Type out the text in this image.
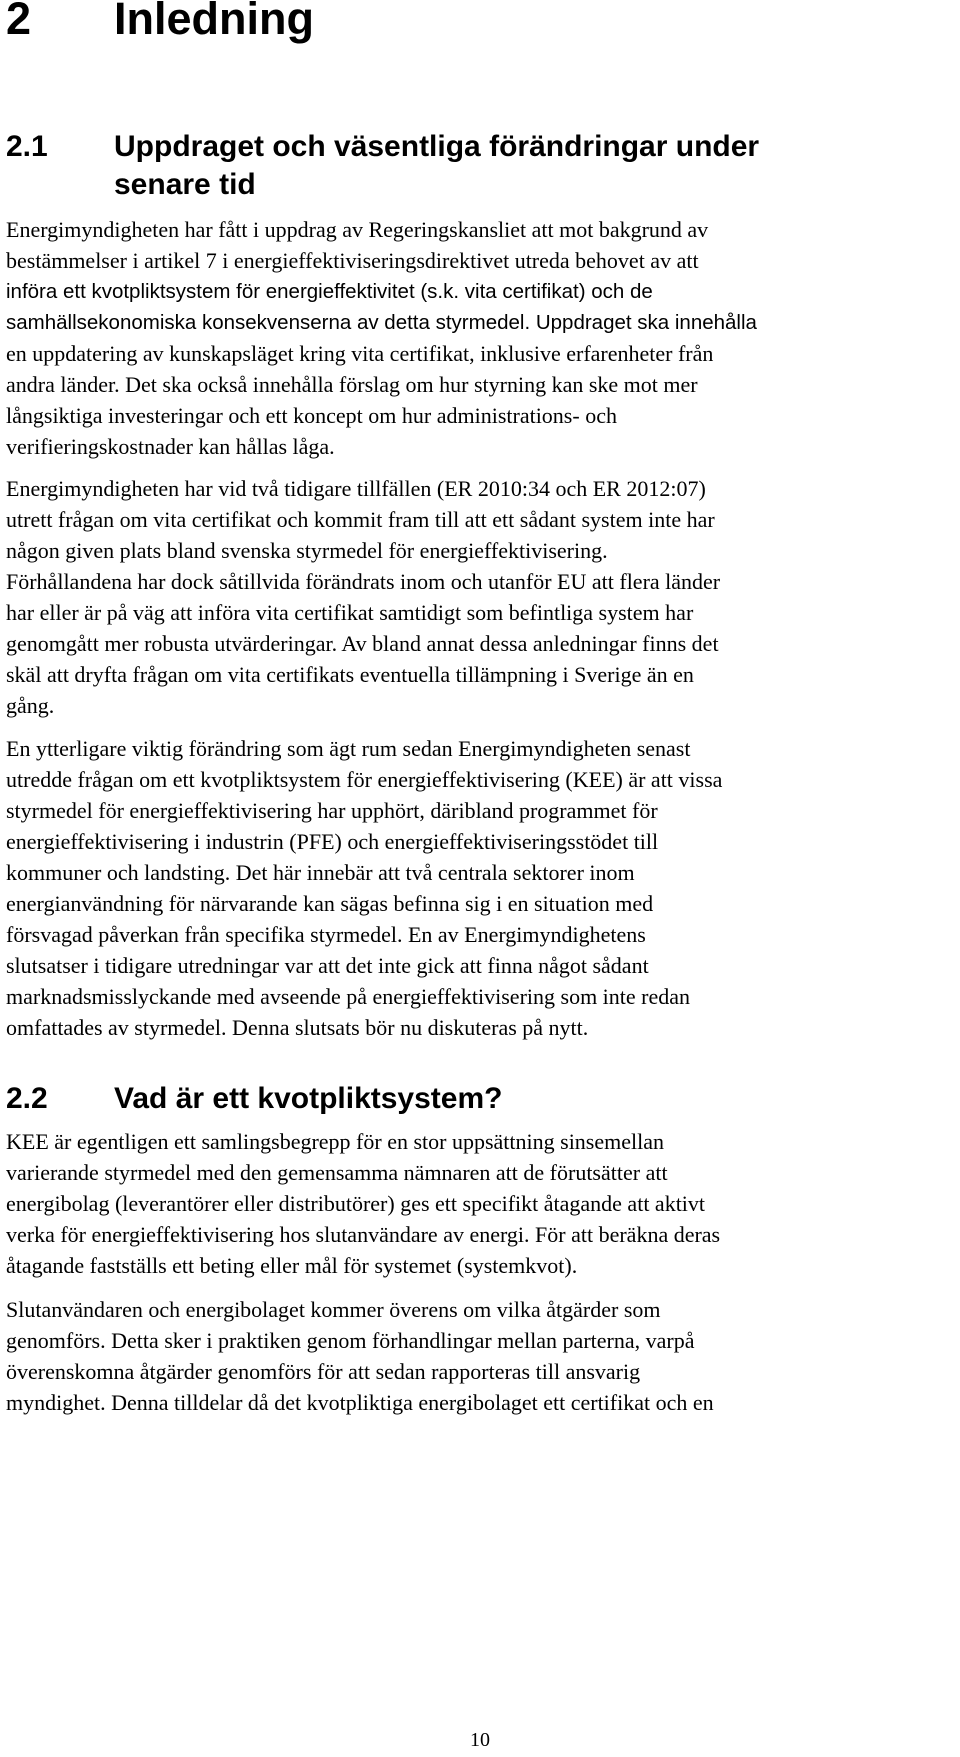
2 Inledning
2.1	Uppdraget och väsentliga förändringar under
senare tid
Energimyndigheten har fått i uppdrag av Regeringskansliet att mot bakgrund av
bestämmelser i artikel 7 i energieffektiviseringsdirektivet utreda behovet av att
införa ett kvotpliktsystem för energieffektivitet (s.k. vita certifikat) och de
samhällsekonomiska konsekvenserna av detta styrmedel. Uppdraget ska innehålla
en uppdatering av kunskapsläget kring vita certifikat, inklusive erfarenheter från
andra länder. Det ska också innehålla förslag om hur styrning kan ske mot mer
långsiktiga investeringar och ett koncept om hur administrations- och
verifieringskostnader kan hållas låga.
Energimyndigheten har vid två tidigare tillfällen (ER 2010:34 och ER 2012:07)
utrett frågan om vita certifikat och kommit fram till att ett sådant system inte har
någon given plats bland svenska styrmedel för energieffektivisering.
Förhållandena har dock såtillvida förändrats inom och utanför EU att flera länder
har eller är på väg att införa vita certifikat samtidigt som befintliga system har
genomgått mer robusta utvärderingar. Av bland annat dessa anledningar finns det
skäl att dryfta frågan om vita certifikats eventuella tillämpning i Sverige än en
gång.
En ytterligare viktig förändring som ägt rum sedan Energimyndigheten senast
utredde frågan om ett kvotpliktsystem för energieffektivisering (KEE) är att vissa
styrmedel för energieffektivisering har upphört, däribland programmet för
energieffektivisering i industrin (PFE) och energieffektiviseringsstödet till
kommuner och landsting. Det här innebär att två centrala sektorer inom
energianvändning för närvarande kan sägas befinna sig i en situation med
försvagad påverkan från specifika styrmedel. En av Energimyndighetens
slutsatser i tidigare utredningar var att det inte gick att finna något sådant
marknadsmisslyckande med avseende på energieffektivisering som inte redan
omfattades av styrmedel. Denna slutsats bör nu diskuteras på nytt.
2.2	Vad är ett kvotpliktsystem?
KEE är egentligen ett samlingsbegrepp för en stor uppsättning sinsemellan
varierande styrmedel med den gemensamma nämnaren att de förutsätter att
energibolag (leverantörer eller distributörer) ges ett specifikt åtagande att aktivt
verka för energieffektivisering hos slutanvändare av energi. För att beräkna deras
åtagande fastställs ett beting eller mål för systemet (systemkvot).
Slutanvändaren och energibolaget kommer överens om vilka åtgärder som
genomförs. Detta sker i praktiken genom förhandlingar mellan parterna, varpå
överenskomna åtgärder genomförs för att sedan rapporteras till ansvarig
myndighet. Denna tilldelar då det kvotpliktiga energibolaget ett certifikat och en
10
